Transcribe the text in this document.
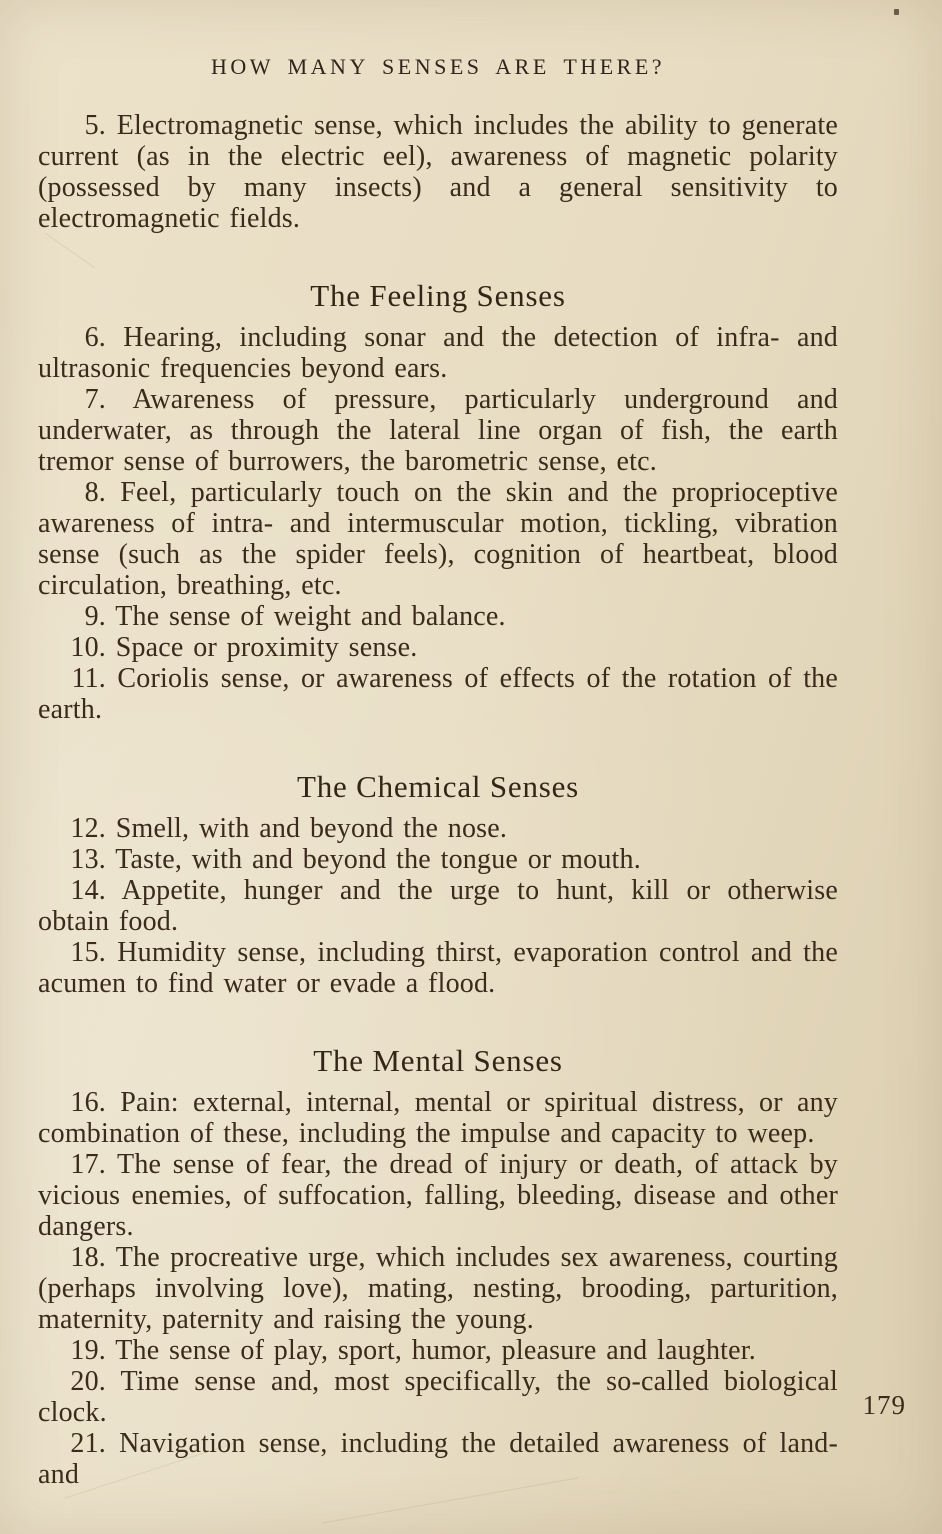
HOW MANY SENSES ARE THERE?

5. Electromagnetic sense, which includes the ability to generate current (as in the electric eel), awareness of magnetic polarity (possessed by many insects) and a general sensitivity to electromagnetic fields.

The Feeling Senses

6. Hearing, including sonar and the detection of infra- and ultrasonic frequencies beyond ears.

7. Awareness of pressure, particularly underground and underwater, as through the lateral line organ of fish, the earth tremor sense of burrowers, the barometric sense, etc.

8. Feel, particularly touch on the skin and the proprioceptive awareness of intra- and intermuscular motion, tickling, vibration sense (such as the spider feels), cognition of heartbeat, blood circulation, breathing, etc.

9. The sense of weight and balance.

10. Space or proximity sense.

11. Coriolis sense, or awareness of effects of the rotation of the earth.

The Chemical Senses

12. Smell, with and beyond the nose.

13. Taste, with and beyond the tongue or mouth.

14. Appetite, hunger and the urge to hunt, kill or otherwise obtain food.

15. Humidity sense, including thirst, evaporation control and the acumen to find water or evade a flood.

The Mental Senses

16. Pain: external, internal, mental or spiritual distress, or any combination of these, including the impulse and capacity to weep.

17. The sense of fear, the dread of injury or death, of attack by vicious enemies, of suffocation, falling, bleeding, disease and other dangers.

18. The procreative urge, which includes sex awareness, courting (perhaps involving love), mating, nesting, brooding, parturition, maternity, paternity and raising the young.

19. The sense of play, sport, humor, pleasure and laughter.

20. Time sense and, most specifically, the so-called biological clock.

21. Navigation sense, including the detailed awareness of land- and

179
